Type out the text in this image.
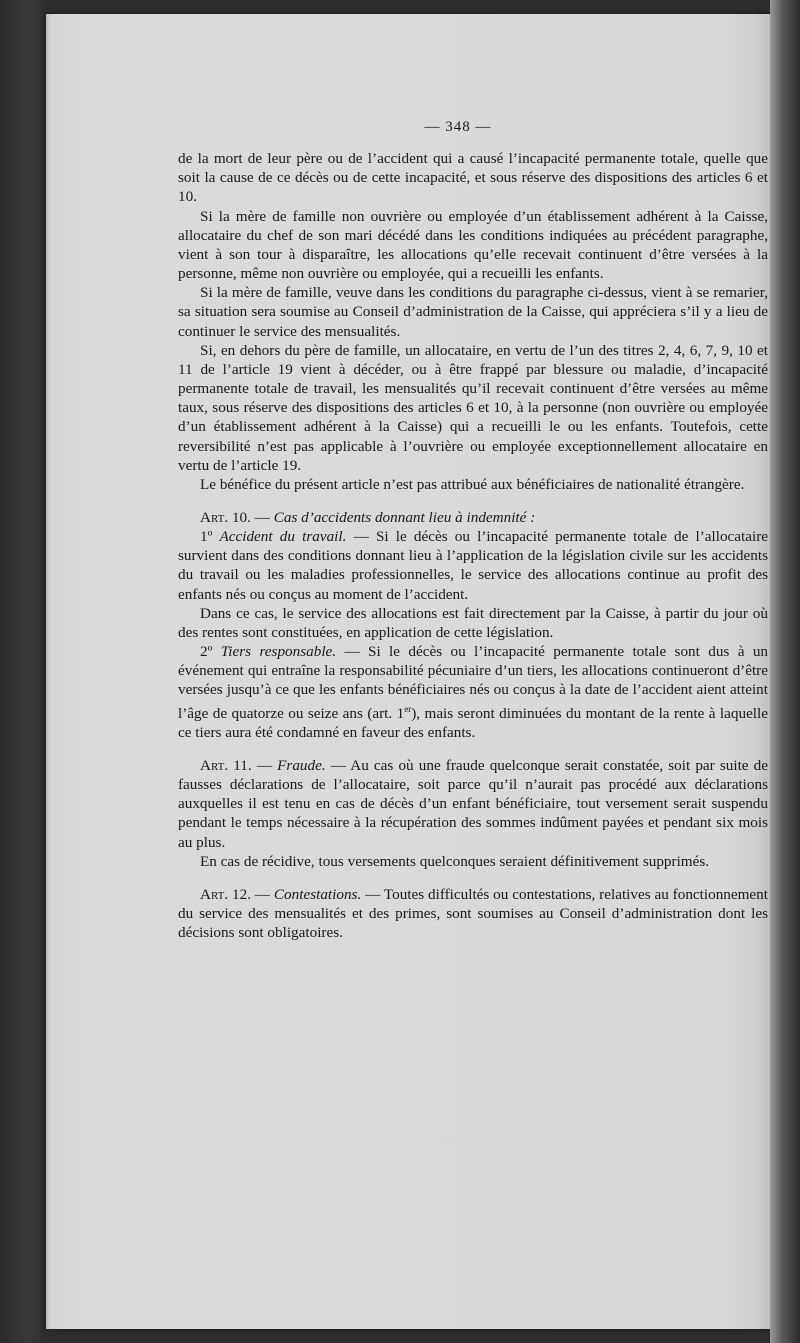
— 348 —

de la mort de leur père ou de l’accident qui a causé l’incapacité permanente totale, quelle que soit la cause de ce décès ou de cette incapacité, et sous réserve des dispositions des articles 6 et 10.

Si la mère de famille non ouvrière ou employée d’un établissement adhérent à la Caisse, allocataire du chef de son mari décédé dans les conditions indiquées au précédent paragraphe, vient à son tour à disparaître, les allocations qu’elle recevait continuent d’être versées à la personne, même non ouvrière ou employée, qui a recueilli les enfants.

Si la mère de famille, veuve dans les conditions du paragraphe ci-dessus, vient à se remarier, sa situation sera soumise au Conseil d’administration de la Caisse, qui appréciera s’il y a lieu de continuer le service des mensualités.

Si, en dehors du père de famille, un allocataire, en vertu de l’un des titres 2, 4, 6, 7, 9, 10 et 11 de l’article 19 vient à décéder, ou à être frappé par blessure ou maladie, d’incapacité permanente totale de travail, les mensualités qu’il recevait continuent d’être versées au même taux, sous réserve des dispositions des articles 6 et 10, à la personne (non ouvrière ou employée d’un établissement adhérent à la Caisse) qui a recueilli le ou les enfants. Toutefois, cette reversibilité n’est pas applicable à l’ouvrière ou employée exceptionnellement allocataire en vertu de l’article 19.

Le bénéfice du présent article n’est pas attribué aux bénéficiaires de nationalité étrangère.

Art. 10. — Cas d’accidents donnant lieu à indemnité :

1º Accident du travail. — Si le décès ou l’incapacité permanente totale de l’allocataire survient dans des conditions donnant lieu à l’application de la législation civile sur les accidents du travail ou les maladies professionnelles, le service des allocations continue au profit des enfants nés ou conçus au moment de l’accident.

Dans ce cas, le service des allocations est fait directement par la Caisse, à partir du jour où des rentes sont constituées, en application de cette législation.

2º Tiers responsable. — Si le décès ou l’incapacité permanente totale sont dus à un événement qui entraîne la responsabilité pécuniaire d’un tiers, les allocations continueront d’être versées jusqu’à ce que les enfants bénéficiaires nés ou conçus à la date de l’accident aient atteint l’âge de quatorze ou seize ans (art. 1er), mais seront diminuées du montant de la rente à laquelle ce tiers aura été condamné en faveur des enfants.

Art. 11. — Fraude. — Au cas où une fraude quelconque serait constatée, soit par suite de fausses déclarations de l’allocataire, soit parce qu’il n’aurait pas procédé aux déclarations auxquelles il est tenu en cas de décès d’un enfant bénéficiaire, tout versement serait suspendu pendant le temps nécessaire à la récupération des sommes indûment payées et pendant six mois au plus.

En cas de récidive, tous versements quelconques seraient définitivement supprimés.

Art. 12. — Contestations. — Toutes difficultés ou contestations, relatives au fonctionnement du service des mensualités et des primes, sont soumises au Conseil d’administration dont les décisions sont obligatoires.
